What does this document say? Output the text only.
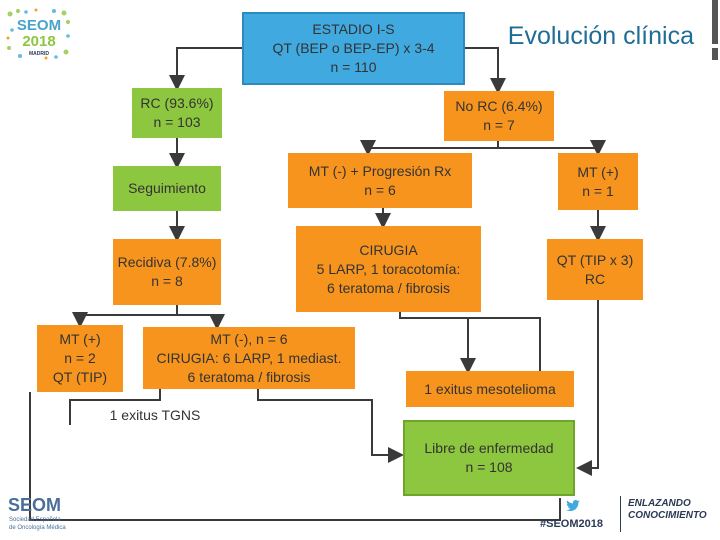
SEOM
2018
MADRID
Evolución clínica
ESTADIO I-S
QT (BEP o BEP-EP) x 3-4
n = 110
RC (93.6%)
n = 103
No RC (6.4%)
n = 7
Seguimiento
MT (-) + Progresión Rx
n = 6
MT (+)
n = 1
Recidiva (7.8%)
n = 8
CIRUGIA
5 LARP, 1 toracotomía:
6 teratoma / fibrosis
QT (TIP x 3)
RC
MT (+)
n = 2
QT (TIP)
MT (-), n = 6
CIRUGIA: 6 LARP, 1 mediast.
6 teratoma / fibrosis
1 exitus mesotelioma
1 exitus TGNS
Libre de enfermedad
n = 108
SEOM
Sociedad Española
de Oncología Médica	#SEOM2018
ENLAZANDO
CONOCIMIENTO
